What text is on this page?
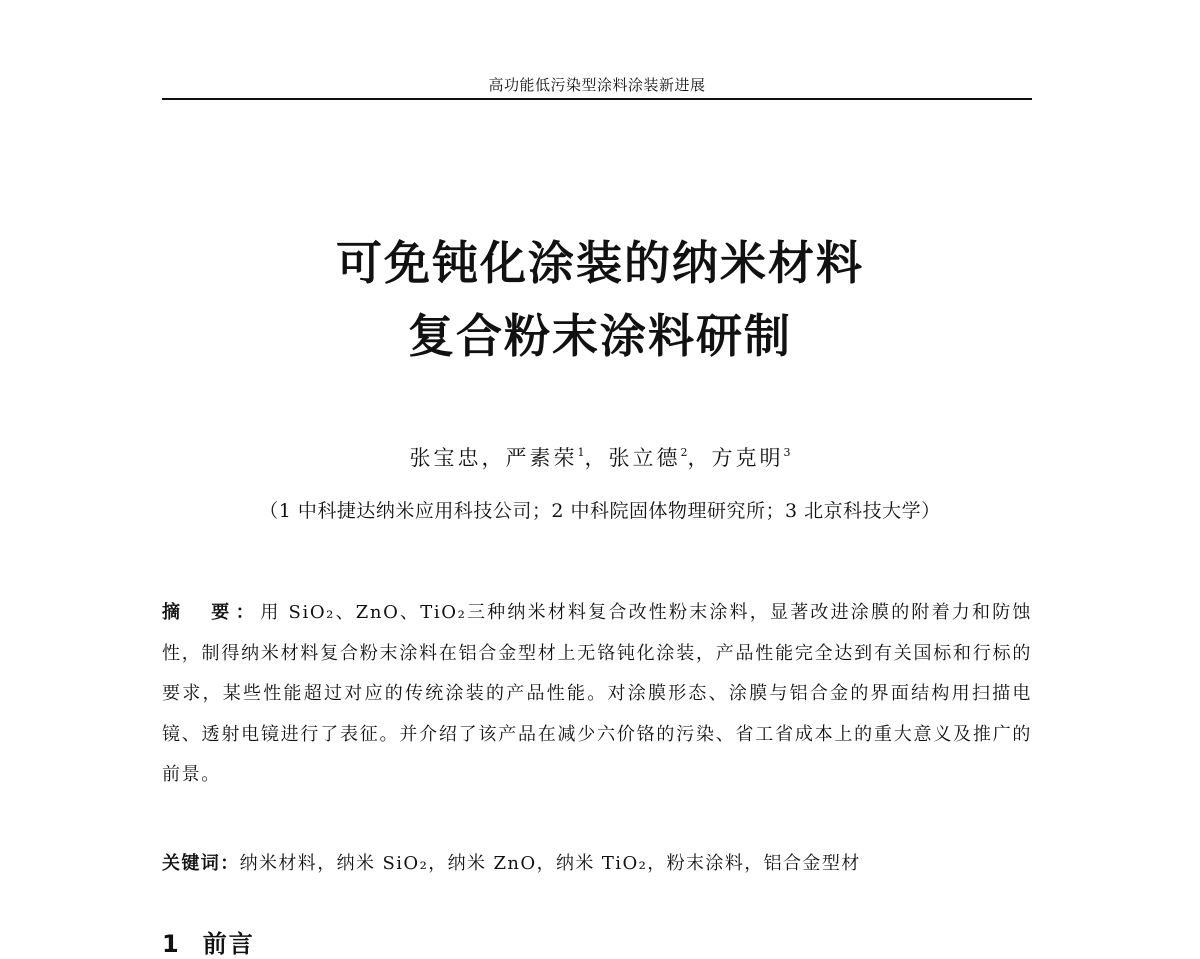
高功能低污染型涂料涂装新进展
可免钝化涂装的纳米材料
复合粉末涂料研制
张宝忠，严素荣$^1$，张立德$^2$，方克明$^3$
（1 中科捷达纳米应用科技公司；2 中科院固体物理研究所；3 北京科技大学）
摘　要：用 SiO₂、ZnO、TiO₂三种纳米材料复合改性粉末涂料，显著改进涂膜的附着力和防蚀性，制得纳米材料复合粉末涂料在铝合金型材上无铬钝化涂装，产品性能完全达到有关国标和行标的要求，某些性能超过对应的传统涂装的产品性能。对涂膜形态、涂膜与铝合金的界面结构用扫描电镜、透射电镜进行了表征。并介绍了该产品在减少六价铬的污染、省工省成本上的重大意义及推广的前景。
关键词：纳米材料，纳米 SiO₂，纳米 ZnO，纳米 TiO₂，粉末涂料，铝合金型材
1 前言
